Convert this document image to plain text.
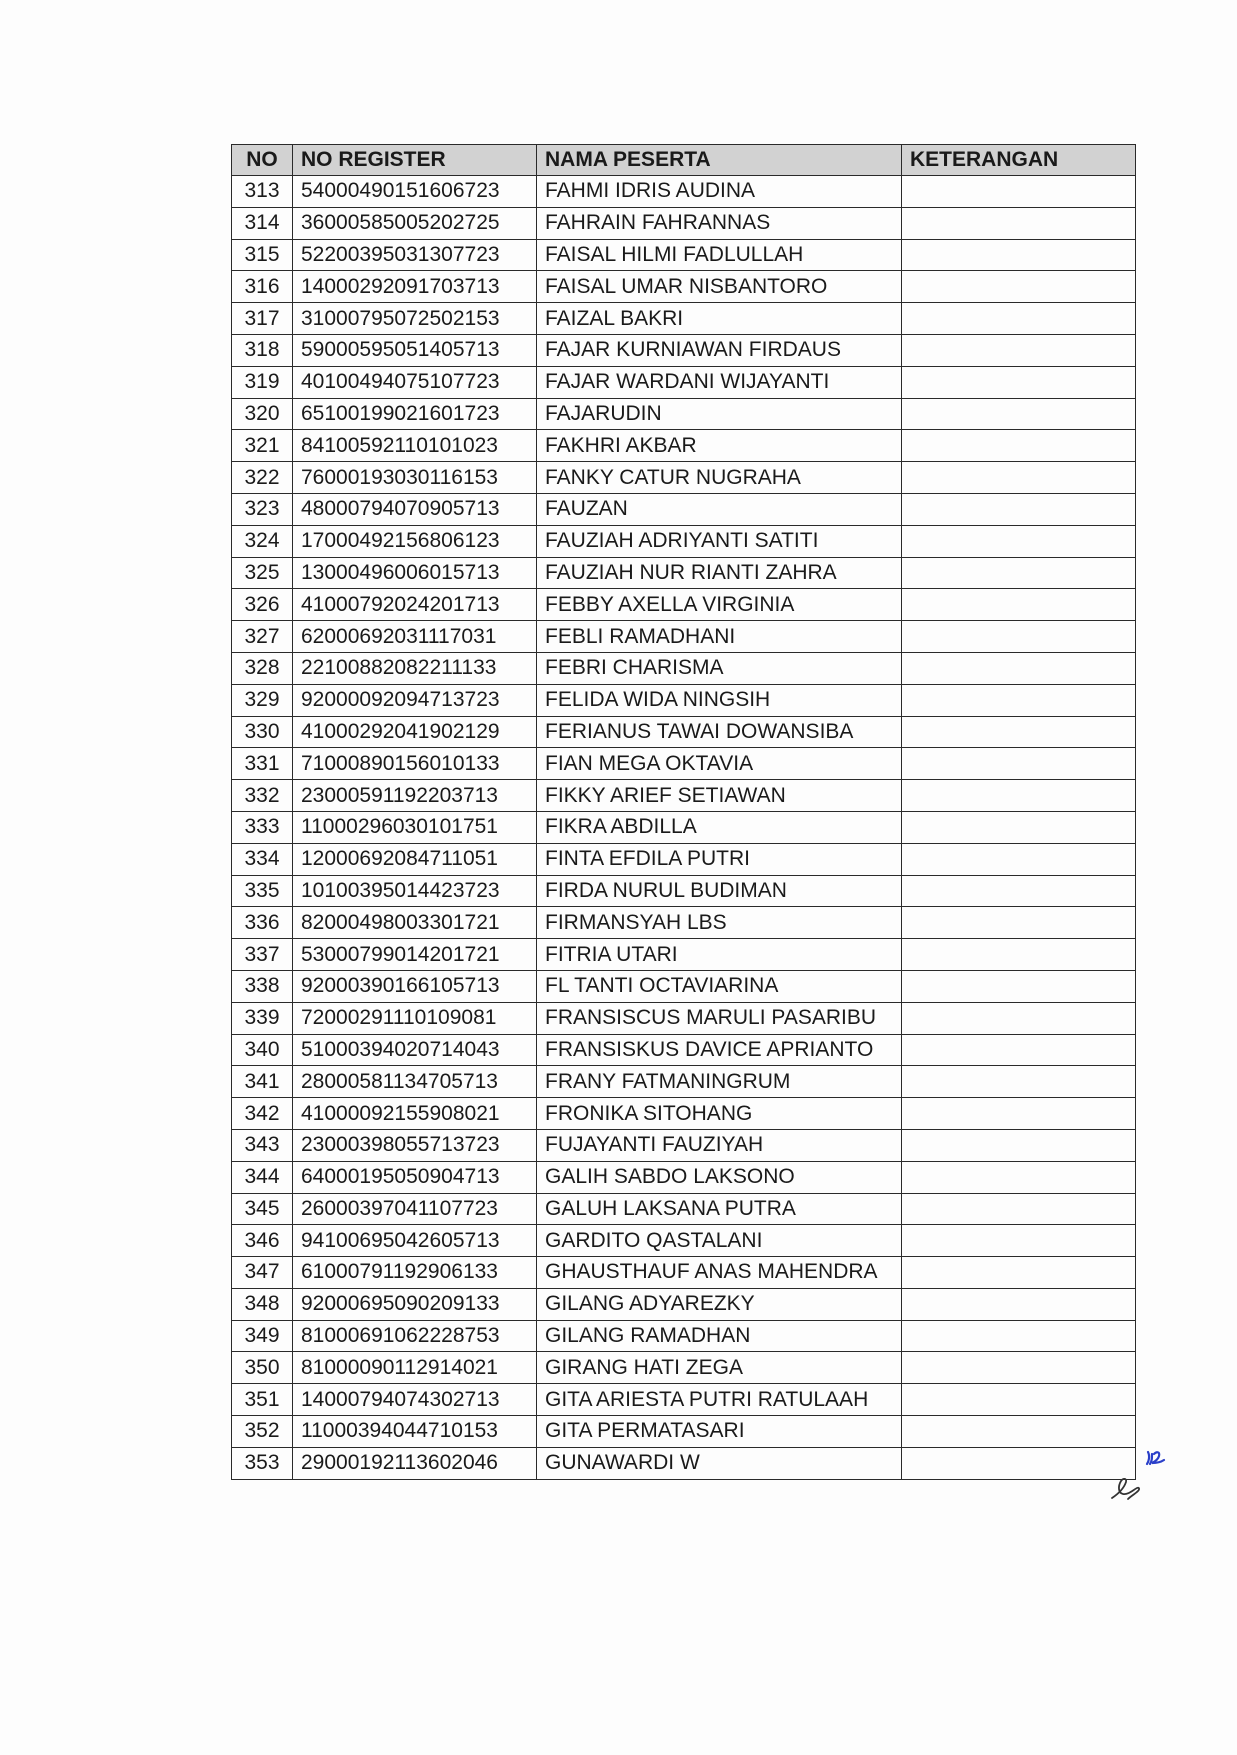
NO	NO REGISTER	NAMA PESERTA	KETERANGAN
313	54000490151606723	FAHMI IDRIS AUDINA	
314	36000585005202725	FAHRAIN FAHRANNAS	
315	52200395031307723	FAISAL HILMI FADLULLAH	
316	14000292091703713	FAISAL UMAR NISBANTORO	
317	31000795072502153	FAIZAL BAKRI	
318	59000595051405713	FAJAR KURNIAWAN FIRDAUS	
319	40100494075107723	FAJAR WARDANI WIJAYANTI	
320	65100199021601723	FAJARUDIN	
321	84100592110101023	FAKHRI AKBAR	
322	76000193030116153	FANKY CATUR NUGRAHA	
323	48000794070905713	FAUZAN	
324	17000492156806123	FAUZIAH ADRIYANTI SATITI	
325	13000496006015713	FAUZIAH NUR RIANTI ZAHRA	
326	41000792024201713	FEBBY AXELLA VIRGINIA	
327	62000692031117031	FEBLI RAMADHANI	
328	22100882082211133	FEBRI CHARISMA	
329	92000092094713723	FELIDA WIDA NINGSIH	
330	41000292041902129	FERIANUS TAWAI DOWANSIBA	
331	71000890156010133	FIAN MEGA OKTAVIA	
332	23000591192203713	FIKKY ARIEF SETIAWAN	
333	11000296030101751	FIKRA ABDILLA	
334	12000692084711051	FINTA EFDILA PUTRI	
335	10100395014423723	FIRDA NURUL BUDIMAN	
336	82000498003301721	FIRMANSYAH LBS	
337	53000799014201721	FITRIA UTARI	
338	92000390166105713	FL TANTI OCTAVIARINA	
339	72000291110109081	FRANSISCUS MARULI PASARIBU	
340	51000394020714043	FRANSISKUS DAVICE APRIANTO	
341	28000581134705713	FRANY FATMANINGRUM	
342	41000092155908021	FRONIKA SITOHANG	
343	23000398055713723	FUJAYANTI FAUZIYAH	
344	64000195050904713	GALIH SABDO LAKSONO	
345	26000397041107723	GALUH LAKSANA PUTRA	
346	94100695042605713	GARDITO QASTALANI	
347	61000791192906133	GHAUSTHAUF ANAS MAHENDRA	
348	92000695090209133	GILANG ADYAREZKY	
349	81000691062228753	GILANG RAMADHAN	
350	81000090112914021	GIRANG HATI ZEGA	
351	14000794074302713	GITA ARIESTA PUTRI RATULAAH	
352	11000394044710153	GITA PERMATASARI	
353	29000192113602046	GUNAWARDI W	
